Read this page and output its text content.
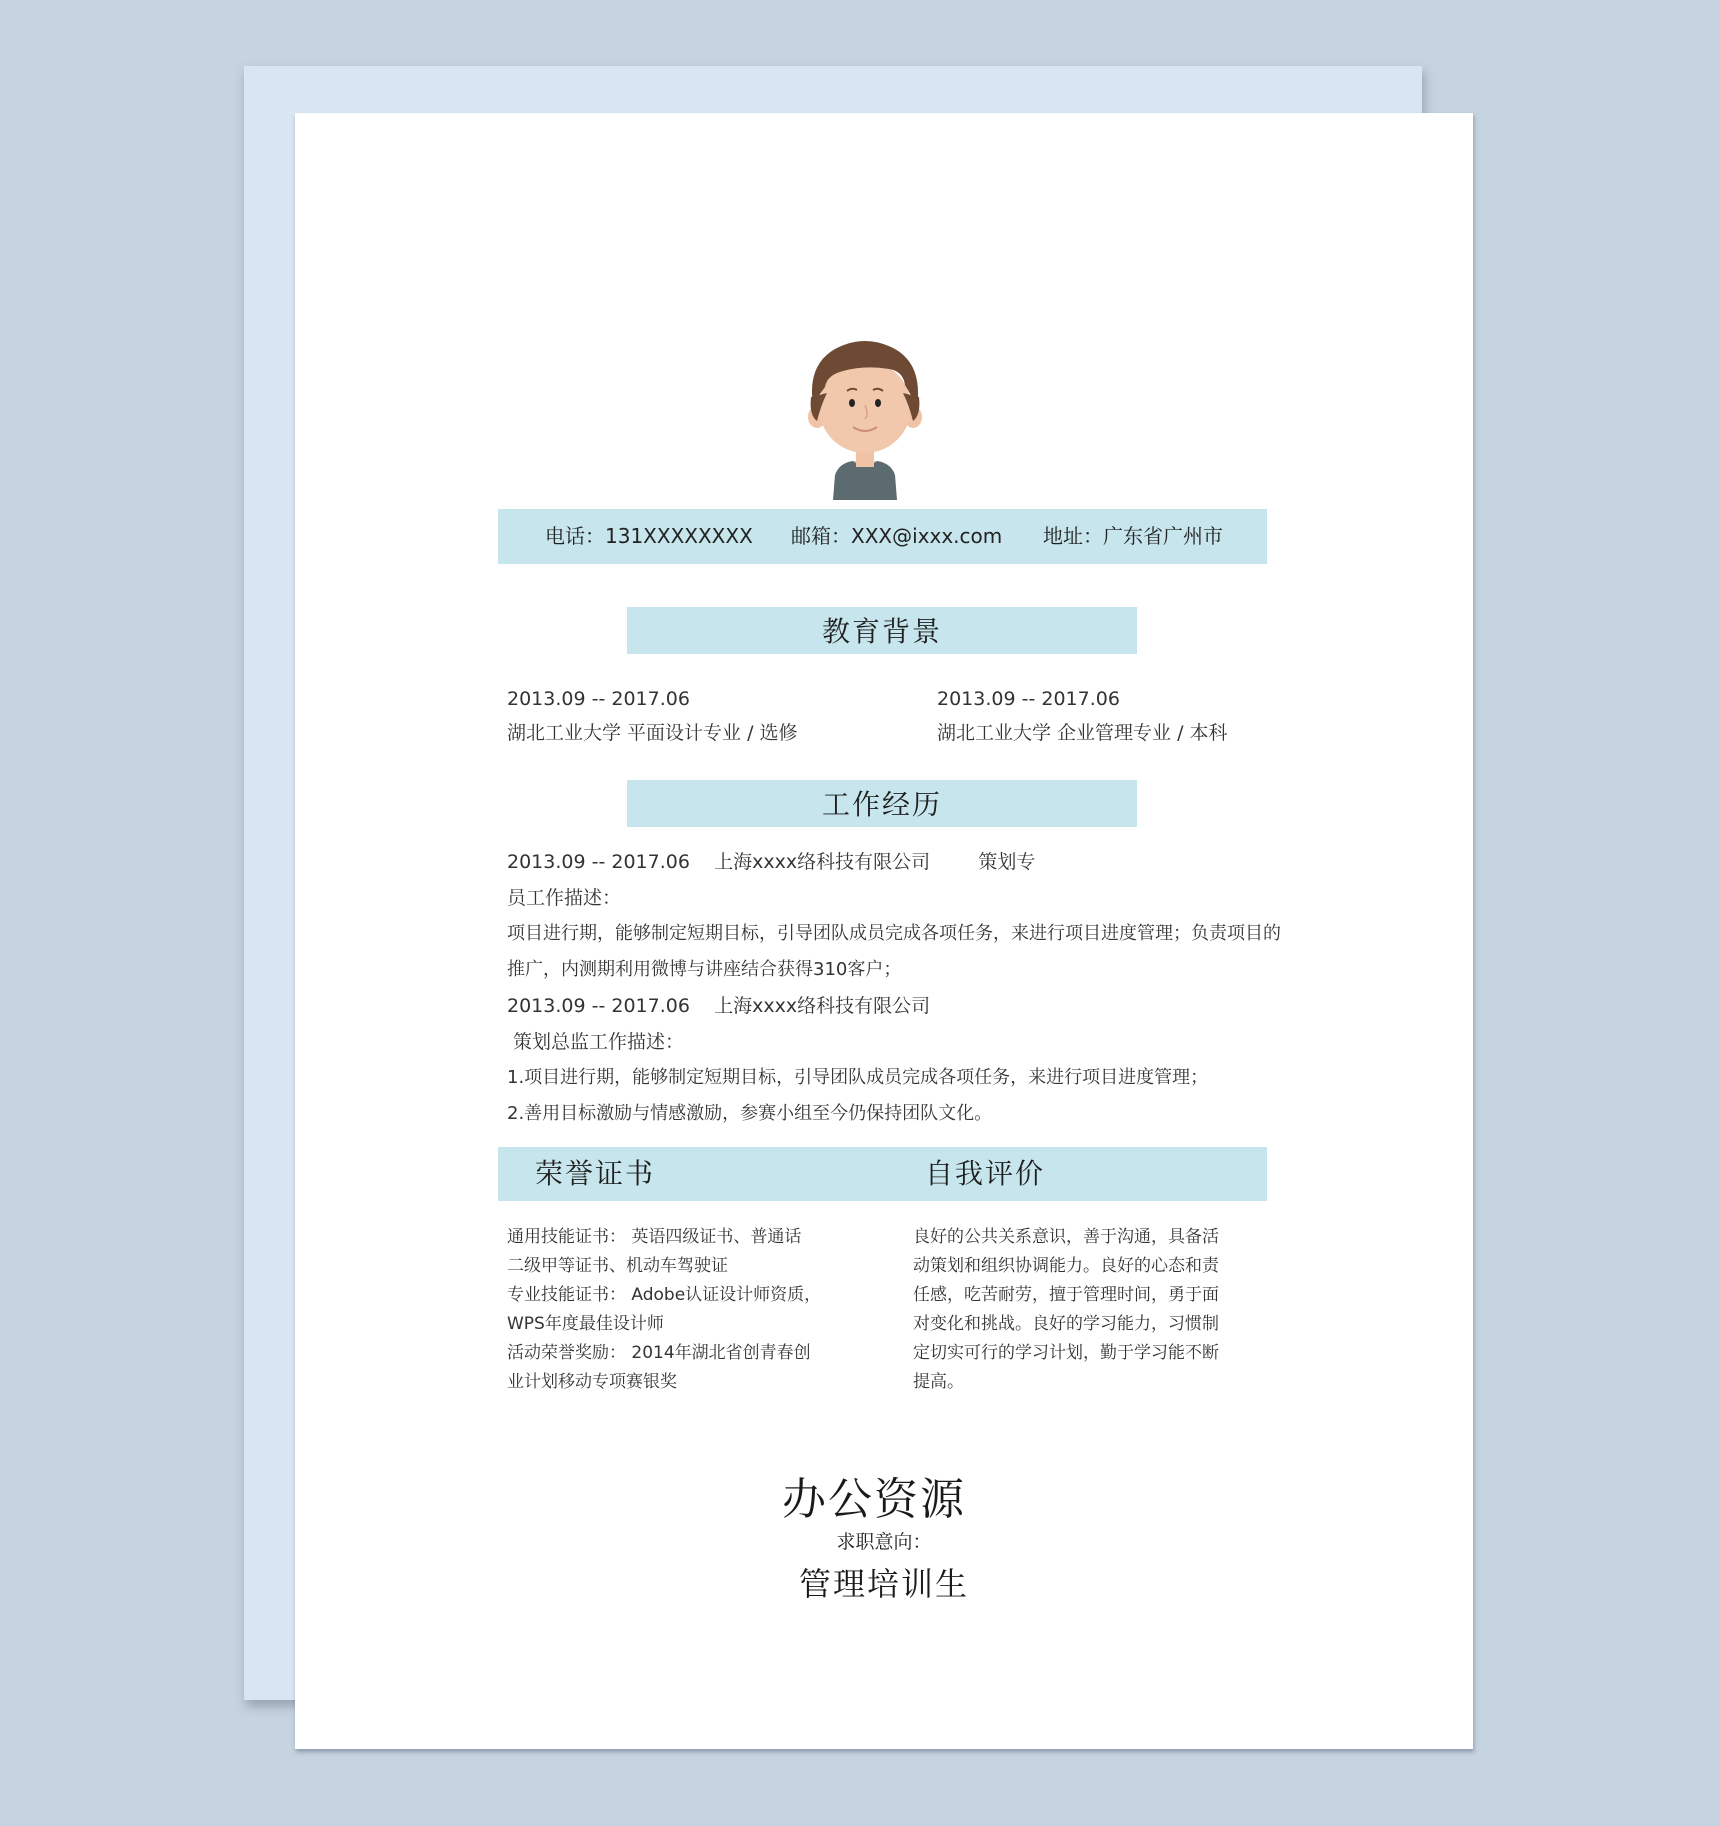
电话：131XXXXXXXX 邮箱：XXX@ixxx.com 地址：广东省广州市
教育背景
2013.09 -- 2017.06
湖北工业大学 平面设计专业 / 选修
2013.09 -- 2017.06
湖北工业大学 企业管理专业 / 本科
工作经历
2013.09 -- 2017.06    上海xxxx络科技有限公司        策划专
员工作描述：
项目进行期，能够制定短期目标，引导团队成员完成各项任务，来进行项目进度管理；负责项目的
推广，内测期利用微博与讲座结合获得310客户；
2013.09 -- 2017.06    上海xxxx络科技有限公司
策划总监工作描述：
1.项目进行期，能够制定短期目标，引导团队成员完成各项任务，来进行项目进度管理；
2.善用目标激励与情感激励，参赛小组至今仍保持团队文化。
荣誉证书	自我评价
通用技能证书： 英语四级证书、普通话
二级甲等证书、机动车驾驶证
专业技能证书： Adobe认证设计师资质，
WPS年度最佳设计师
活动荣誉奖励： 2014年湖北省创青春创
业计划移动专项赛银奖
良好的公共关系意识，善于沟通，具备活
动策划和组织协调能力。良好的心态和责
任感，吃苦耐劳，擅于管理时间，勇于面
对变化和挑战。良好的学习能力，习惯制
定切实可行的学习计划，勤于学习能不断
提高。
办公资源
求职意向：
管理培训生
